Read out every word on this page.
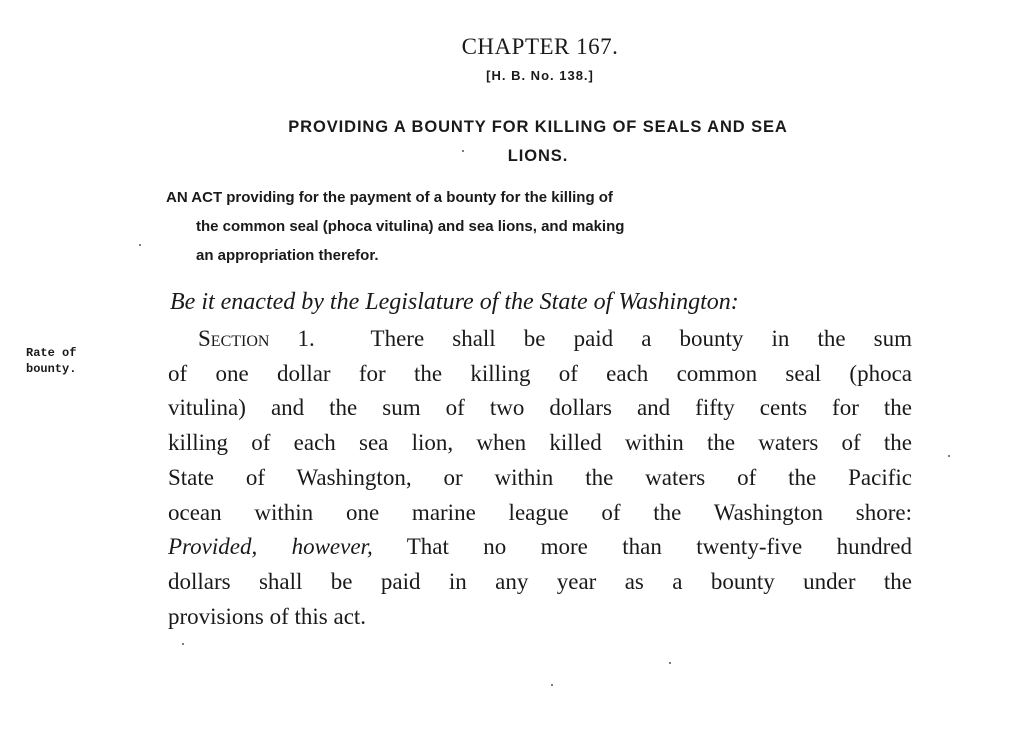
CHAPTER 167.
[H. B. No. 138.]
PROVIDING A BOUNTY FOR KILLING OF SEALS AND SEA
LIONS.
AN ACT providing for the payment of a bounty for the killing of
the common seal (phoca vitulina) and sea lions, and making
an appropriation therefor.
Be it enacted by the Legislature of the State of Washington:
Rate of
bounty.
Section 1. There shall be paid a bounty in the sum
of one dollar for the killing of each common seal (phoca
vitulina) and the sum of two dollars and fifty cents for the
killing of each sea lion, when killed within the waters of the
State of Washington, or within the waters of the Pacific
ocean within one marine league of the Washington shore:
Provided, however, That no more than twenty-five hundred
dollars shall be paid in any year as a bounty under the
provisions of this act.
